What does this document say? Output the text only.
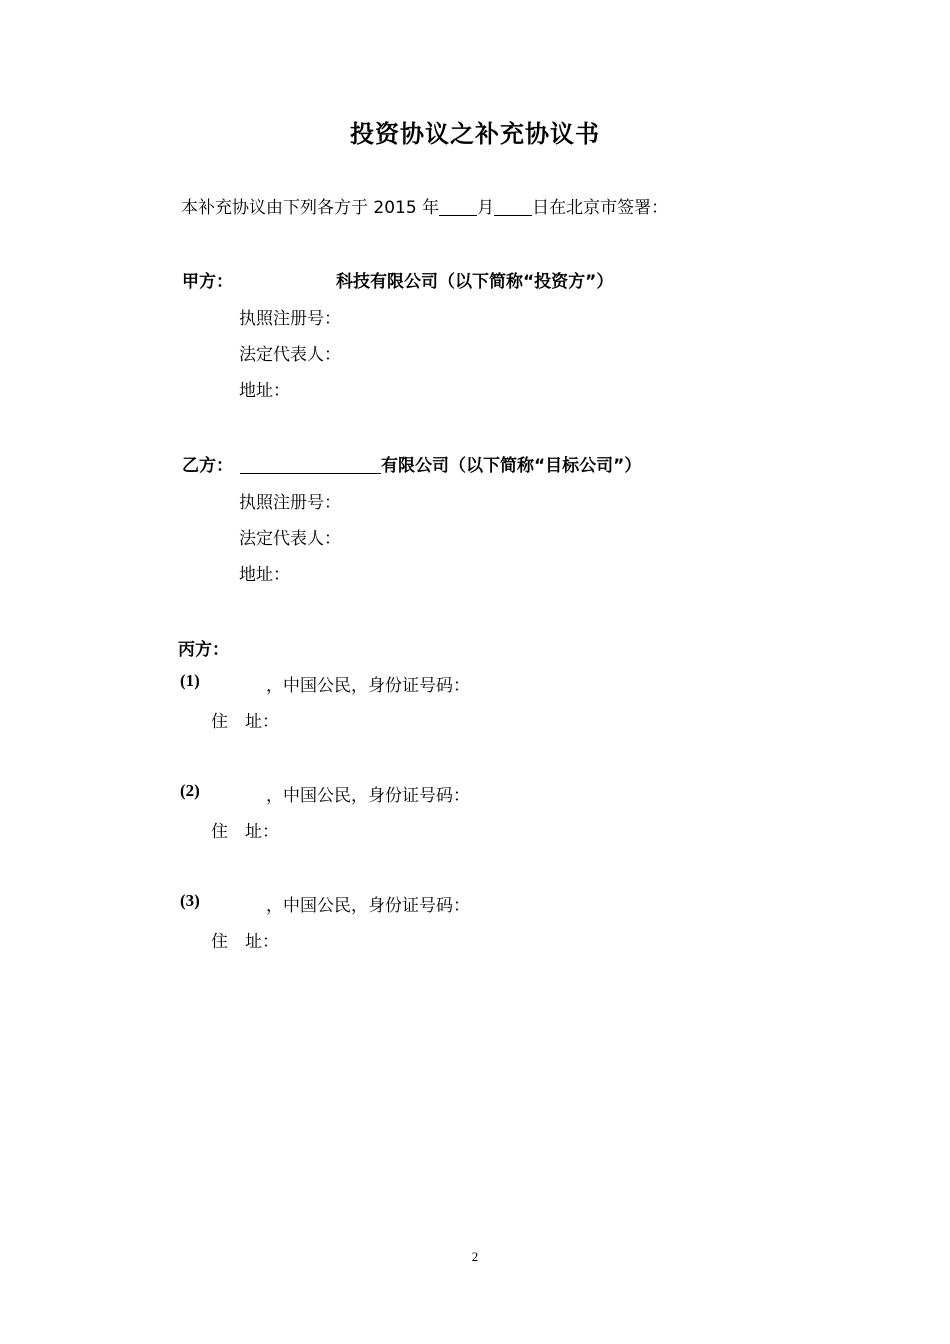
投资协议之补充协议书
本补充协议由下列各方于 2015 年 月 日在北京市签署：
甲方：	科技有限公司（以下简称“投资方”）
执照注册号：
法定代表人：
地址：
乙方：	有限公司（以下简称“目标公司”）
执照注册号：
法定代表人：
地址：
丙方：
(1)	，中国公民，身份证号码：
住　址：
(2)	，中国公民，身份证号码：
住　址：
(3)	，中国公民，身份证号码：
住　址：
2
